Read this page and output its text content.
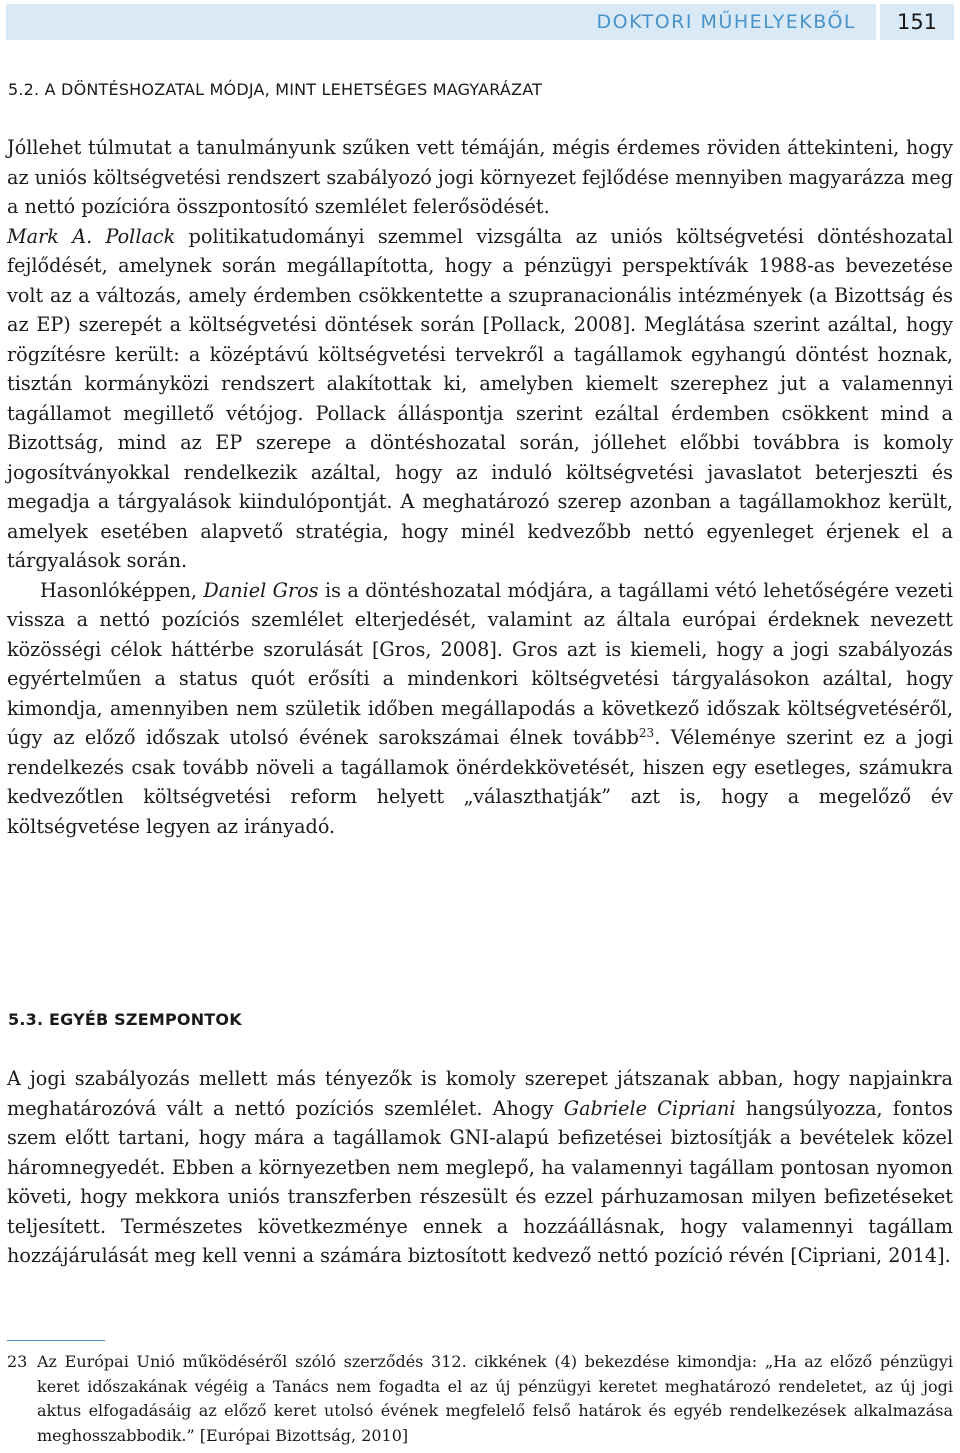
DOKTORI MŰHELYEKBŐL	151
5.2. A DÖNTÉSHOZATAL MÓDJA, MINT LEHETSÉGES MAGYARÁZAT

Jóllehet túlmutat a tanulmányunk szűken vett témáján, mégis érdemes röviden áttekinteni, hogy az uniós költségvetési rendszert szabályozó jogi környezet fejlődése mennyiben magyarázza meg a nettó pozícióra összpontosító szemlélet felerősödését.

Mark A. Pollack politikatudományi szemmel vizsgálta az uniós költségvetési döntéshozatal fejlődését, amelynek során megállapította, hogy a pénzügyi perspektívák 1988-as bevezetése volt az a változás, amely érdemben csökkentette a szupranacionális intézmények (a Bizottság és az EP) szerepét a költségvetési döntések során [Pollack, 2008]. Meglátása szerint azáltal, hogy rögzítésre került: a középtávú költségvetési tervekről a tagállamok egyhangú döntést hoznak, tisztán kormányközi rendszert alakítottak ki, amelyben kiemelt szerephez jut a valamennyi tagállamot megillető vétójog. Pollack álláspontja szerint ezáltal érdemben csökkent mind a Bizottság, mind az EP szerepe a döntéshozatal során, jóllehet előbbi továbbra is komoly jogosítványokkal rendelkezik azáltal, hogy az induló költségvetési javaslatot beterjeszti és megadja a tárgyalások kiindulópontját. A meghatározó szerep azonban a tagállamokhoz került, amelyek esetében alapvető stratégia, hogy minél kedvezőbb nettó egyenleget érjenek el a tárgyalások során.

Hasonlóképpen, Daniel Gros is a döntéshozatal módjára, a tagállami vétó lehetőségére vezeti vissza a nettó pozíciós szemlélet elterjedését, valamint az általa európai érdeknek nevezett közösségi célok háttérbe szorulását [Gros, 2008]. Gros azt is kiemeli, hogy a jogi szabályozás egyértelműen a status quót erősíti a mindenkori költségvetési tárgyalásokon azáltal, hogy kimondja, amennyiben nem születik időben megállapodás a következő időszak költségvetéséről, úgy az előző időszak utolsó évének sarokszámai élnek tovább$^{23}$. Véleménye szerint ez a jogi rendelkezés csak tovább növeli a tagállamok önérdekkövetését, hiszen egy esetleges, számukra kedvezőtlen költségvetési reform helyett „választhatják” azt is, hogy a megelőző év költségvetése legyen az irányadó.

5.3. EGYÉB SZEMPONTOK

A jogi szabályozás mellett más tényezők is komoly szerepet játszanak abban, hogy napjainkra meghatározóvá vált a nettó pozíciós szemlélet. Ahogy Gabriele Cipriani hangsúlyozza, fontos szem előtt tartani, hogy mára a tagállamok GNI-alapú befizetései biztosítják a bevételek közel háromnegyedét. Ebben a környezetben nem meglepő, ha valamennyi tagállam pontosan nyomon követi, hogy mekkora uniós transzferben részesült és ezzel párhuzamosan milyen befizetéseket teljesített. Természetes következménye ennek a hozzáállásnak, hogy valamennyi tagállam hozzájárulását meg kell venni a számára biztosított kedvező nettó pozíció révén [Cipriani, 2014].

23 Az Európai Unió működéséről szóló szerződés 312. cikkének (4) bekezdése kimondja: „Ha az előző pénzügyi keret időszakának végéig a Tanács nem fogadta el az új pénzügyi keretet meghatározó rendeletet, az új jogi aktus elfogadásáig az előző keret utolsó évének megfelelő felső határok és egyéb rendelkezések alkalmazása meghosszabbodik.” [Európai Bizottság, 2010]
